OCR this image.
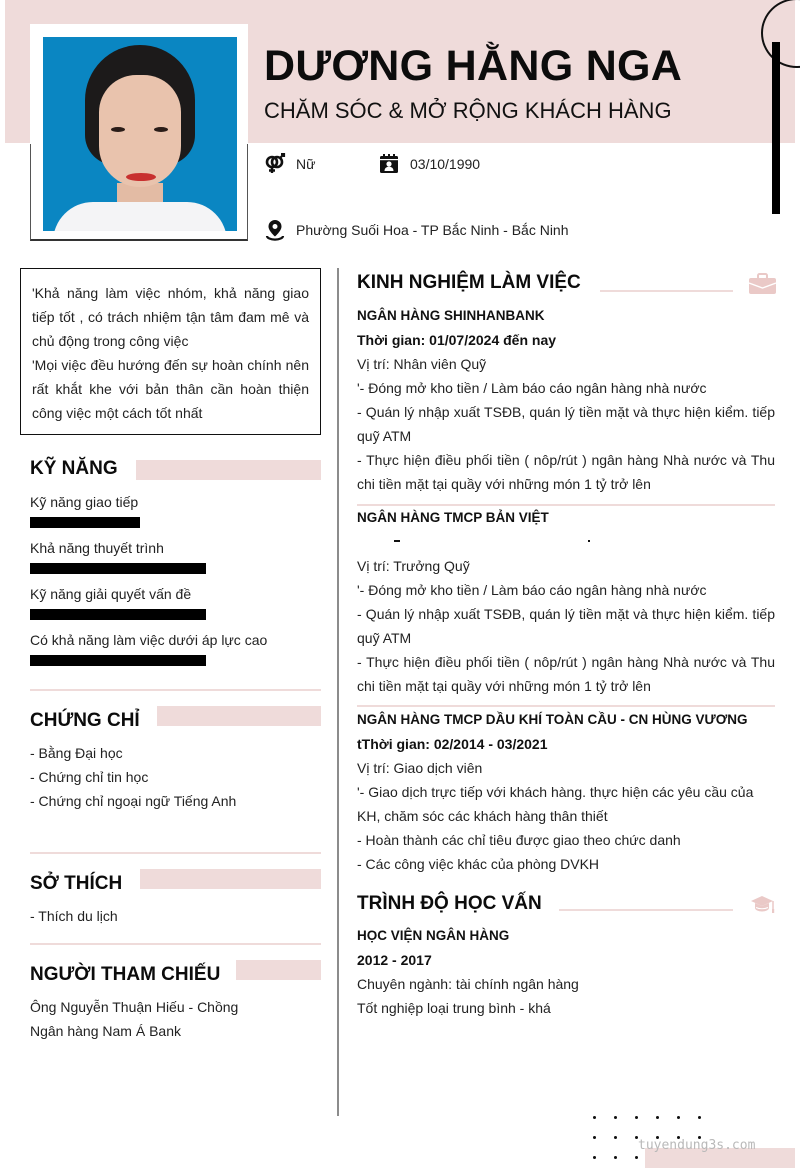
DƯƠNG HẰNG NGA
CHĂM SÓC & MỞ RỘNG KHÁCH HÀNG
Nữ	03/10/1990
Phường Suối Hoa - TP Bắc Ninh - Bắc Ninh
'Khả năng làm việc nhóm, khả năng giao tiếp tốt , có trách nhiệm tận tâm đam mê và chủ động trong công việc
'Mọi việc đều hướng đến sự hoàn chính nên rất khắt khe với bản thân cần hoàn thiện công việc một cách tốt nhất
KỸ NĂNG
Kỹ năng giao tiếp
Khả năng thuyết trình
Kỹ năng giải quyết vấn đề
Có khả năng làm việc dưới áp lực cao
CHỨNG CHỈ
- Bằng Đại học
- Chứng chỉ tin học
- Chứng chỉ ngoại ngữ Tiếng Anh
SỞ THÍCH
- Thích du lịch
NGƯỜI THAM CHIẾU
Ông Nguyễn Thuận Hiếu - Chồng
Ngân hàng Nam Á Bank
KINH NGHIỆM LÀM VIỆC
NGÂN HÀNG SHINHANBANK
Thời gian: 01/07/2024 đến nay
Vị trí: Nhân viên Quỹ
'- Đóng mở kho tiền / Làm báo cáo ngân hàng nhà nước
- Quán lý nhập xuất TSĐB, quán lý tiền mặt và thực hiện kiểm. tiếp quỹ ATM
- Thực hiện điều phối tiền ( nôp/rút ) ngân hàng Nhà nước và Thu chi tiền mặt tại quầy với những món 1 tỷ trở lên
NGÂN HÀNG TMCP BẢN VIỆT
Vị trí: Trưởng Quỹ
'- Đóng mở kho tiền / Làm báo cáo ngân hàng nhà nước
- Quán lý nhập xuất TSĐB, quán lý tiền mặt và thực hiện kiểm. tiếp quỹ ATM
- Thực hiện điều phối tiền ( nôp/rút ) ngân hàng Nhà nước và Thu chi tiền mặt tại quầy với những món 1 tỷ trở lên
NGÂN HÀNG TMCP DẦU KHÍ TOÀN CẦU - CN HÙNG VƯƠNG
tThời gian: 02/2014 - 03/2021
Vị trí: Giao dịch viên
'- Giao dịch trực tiếp với khách hàng. thực hiện các yêu cầu của KH, chăm sóc các khách hàng thân thiết
- Hoàn thành các chỉ tiêu được giao theo chức danh
- Các công việc khác của phòng DVKH
TRÌNH ĐỘ HỌC VẤN
HỌC VIỆN NGÂN HÀNG
2012 - 2017
Chuyên ngành: tài chính ngân hàng
Tốt nghiệp loại trung bình - khá
tuyendung3s.com
